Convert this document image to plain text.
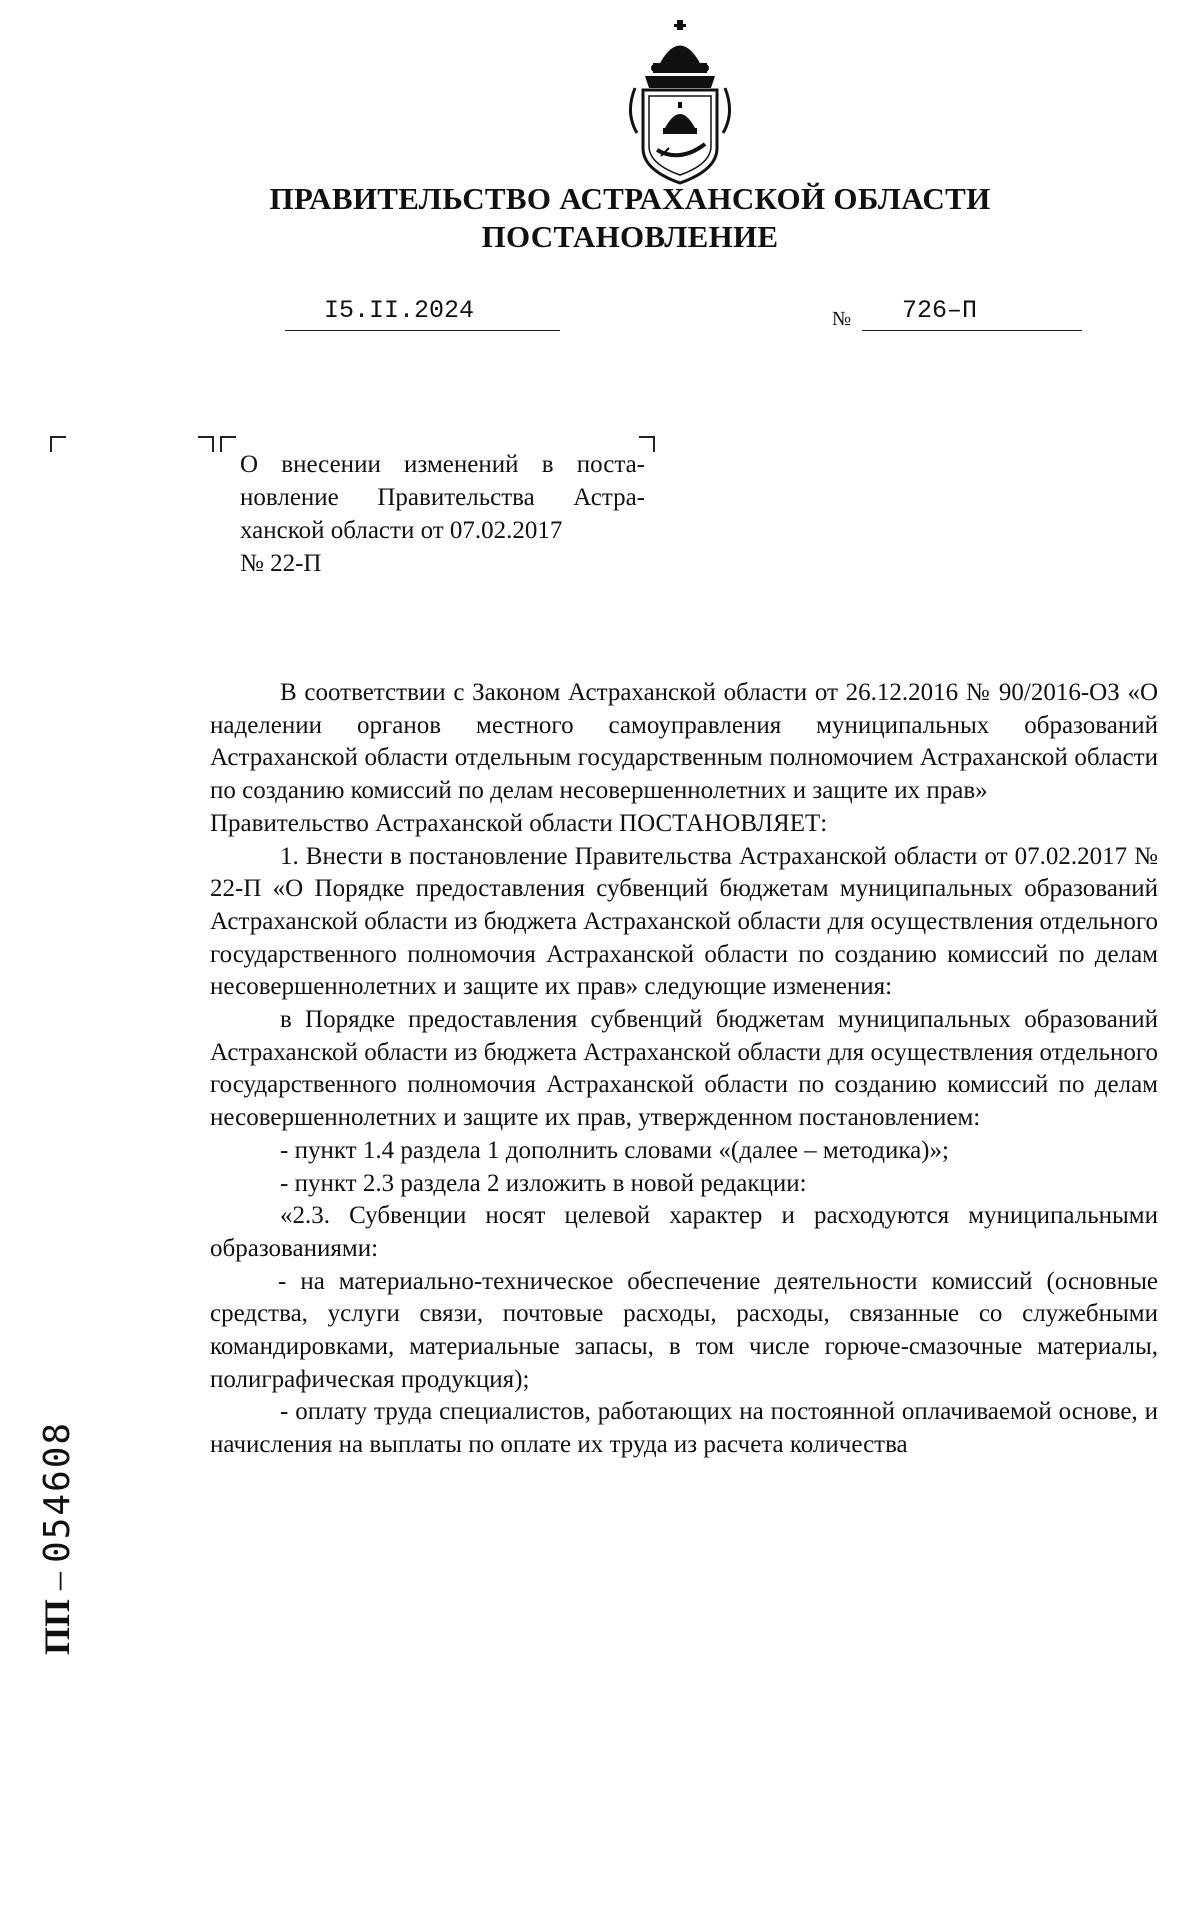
ПРАВИТЕЛЬСТВО АСТРАХАНСКОЙ ОБЛАСТИ
ПОСТАНОВЛЕНИЕ
I5.II.2024	№ 726–П
О внесении изменений в постановление Правительства Астраханской области от 07.02.2017
№ 22-П

В соответствии с Законом Астраханской области от 26.12.2016 № 90/2016-ОЗ «О наделении органов местного самоуправления муниципальных образований Астраханской области отдельным государственным полномочием Астраханской области по созданию комиссий по делам несовершеннолетних и защите их прав»

Правительство Астраханской области ПОСТАНОВЛЯЕТ:

1. Внести в постановление Правительства Астраханской области от 07.02.2017 № 22-П «О Порядке предоставления субвенций бюджетам муниципальных образований Астраханской области из бюджета Астраханской области для осуществления отдельного государственного полномочия Астраханской области по созданию комиссий по делам несовершеннолетних и защите их прав» следующие изменения:

в Порядке предоставления субвенций бюджетам муниципальных образований Астраханской области из бюджета Астраханской области для осуществления отдельного государственного полномочия Астраханской области по созданию комиссий по делам несовершеннолетних и защите их прав, утвержденном постановлением:

- пункт 1.4 раздела 1 дополнить словами «(далее – методика)»;

- пункт 2.3 раздела 2 изложить в новой редакции:

«2.3. Субвенции носят целевой характер и расходуются муниципальными образованиями:

- на материально-техническое обеспечение деятельности комиссий (основные средства, услуги связи, почтовые расходы, расходы, связанные со служебными командировками, материальные запасы, в том числе горюче-смазочные материалы, полиграфическая продукция);

- оплату труда специалистов, работающих на постоянной оплачиваемой основе, и начисления на выплаты по оплате их труда из расчета количества

ПП – 054608
